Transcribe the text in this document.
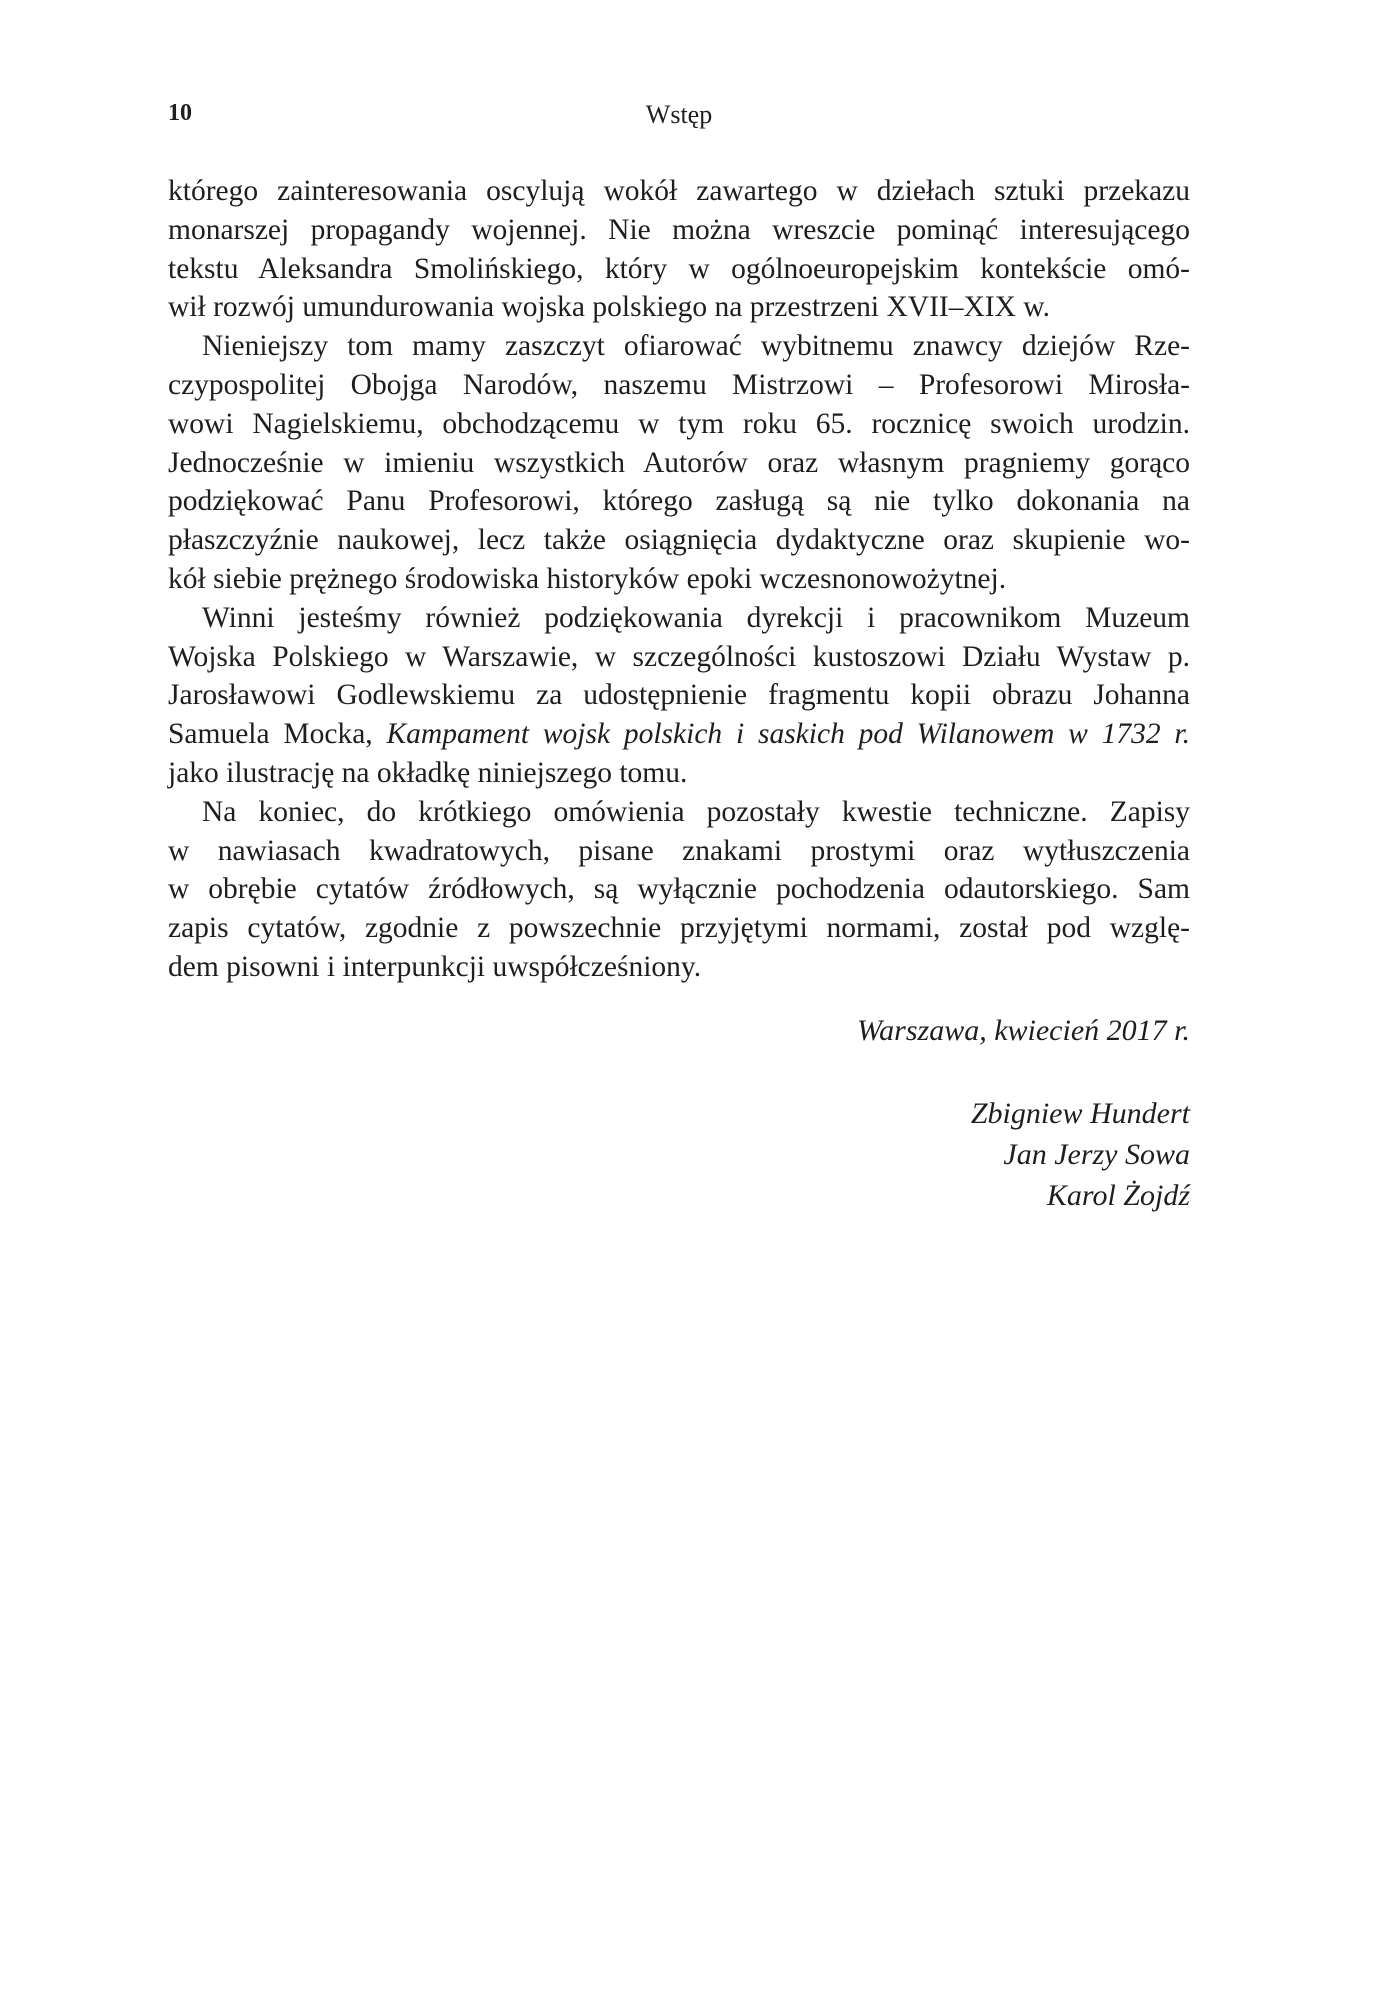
10	Wstęp

którego zainteresowania oscylują wokół zawartego w dziełach sztuki przekazu
monarszej propagandy wojennej. Nie można wreszcie pominąć interesującego
tekstu Aleksandra Smolińskiego, który w ogólnoeuropejskim kontekście omó-
wił rozwój umundurowania wojska polskiego na przestrzeni XVII–XIX w.

Nieniejszy tom mamy zaszczyt ofiarować wybitnemu znawcy dziejów Rze-
czypospolitej Obojga Narodów, naszemu Mistrzowi – Profesorowi Mirosła-
wowi Nagielskiemu, obchodzącemu w tym roku 65. rocznicę swoich urodzin.
Jednocześnie w imieniu wszystkich Autorów oraz własnym pragniemy gorąco
podziękować Panu Profesorowi, którego zasługą są nie tylko dokonania na
płaszczyźnie naukowej, lecz także osiągnięcia dydaktyczne oraz skupienie wo-
kół siebie prężnego środowiska historyków epoki wczesnonowożytnej.

Winni jesteśmy również podziękowania dyrekcji i pracownikom Muzeum
Wojska Polskiego w Warszawie, w szczególności kustoszowi Działu Wystaw p.
Jarosławowi Godlewskiemu za udostępnienie fragmentu kopii obrazu Johanna
Samuela Mocka, Kampament wojsk polskich i saskich pod Wilanowem w 1732 r.
jako ilustrację na okładkę niniejszego tomu.

Na koniec, do krótkiego omówienia pozostały kwestie techniczne. Zapisy
w nawiasach kwadratowych, pisane znakami prostymi oraz wytłuszczenia
w obrębie cytatów źródłowych, są wyłącznie pochodzenia odautorskiego. Sam
zapis cytatów, zgodnie z powszechnie przyjętymi normami, został pod wzglę-
dem pisowni i interpunkcji uwspółcześniony.

Warszawa, kwiecień 2017 r.
Zbigniew Hundert
Jan Jerzy Sowa
Karol Żojdź
